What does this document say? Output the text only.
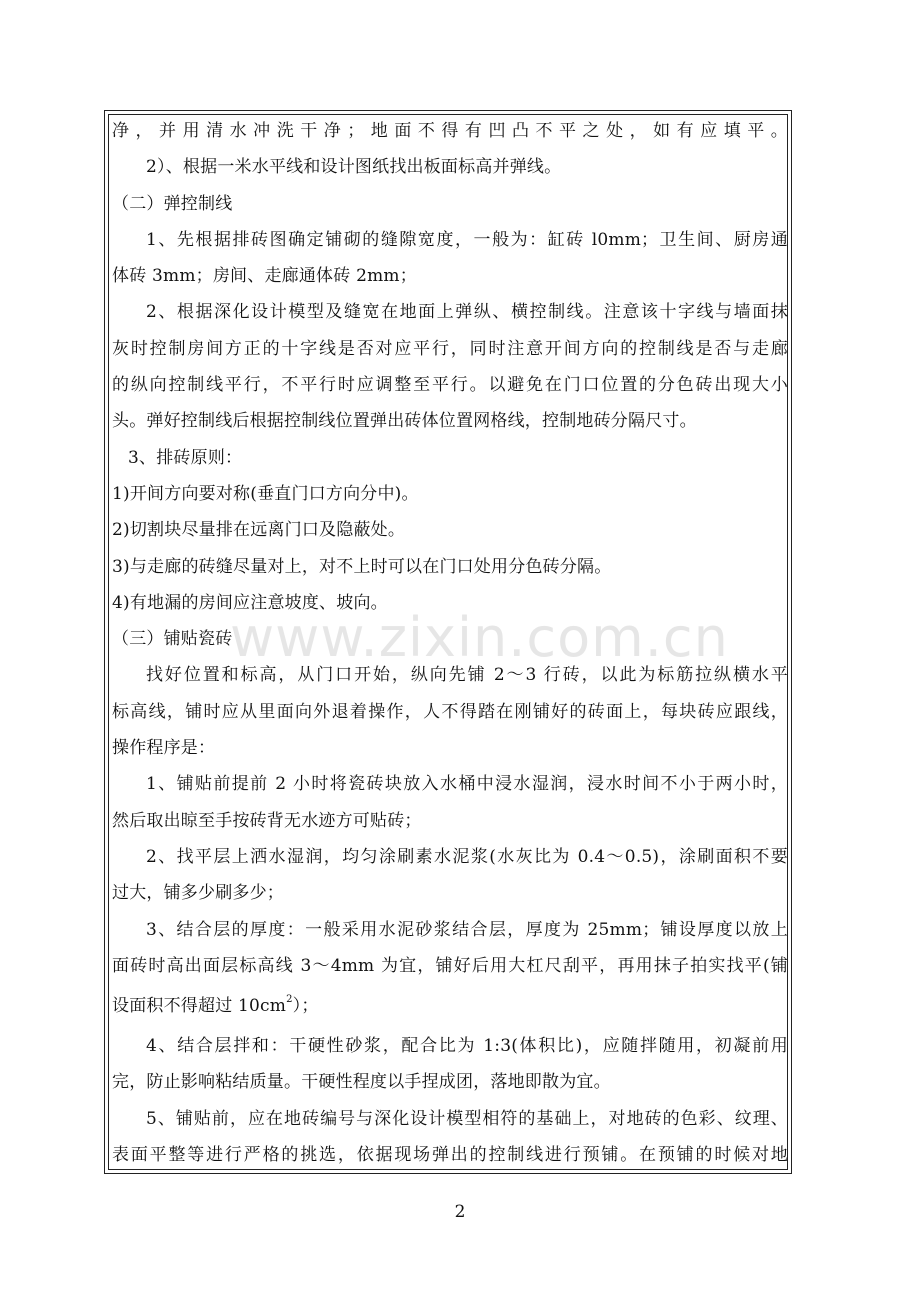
www.zixin.com.cn
净，并用清水冲洗干净；地面不得有凹凸不平之处，如有应填平。
2）、根据一米水平线和设计图纸找出板面标高并弹线。
（二）弹控制线
1、先根据排砖图确定铺砌的缝隙宽度，一般为：缸砖 l0mm；卫生间、厨房通
体砖 3mm；房间、走廊通体砖 2mm；
2、根据深化设计模型及缝宽在地面上弹纵、横控制线。注意该十字线与墙面抹
灰时控制房间方正的十字线是否对应平行，同时注意开间方向的控制线是否与走廊
的纵向控制线平行，不平行时应调整至平行。以避免在门口位置的分色砖出现大小
头。弹好控制线后根据控制线位置弹出砖体位置网格线，控制地砖分隔尺寸。
3、排砖原则：
1)开间方向要对称(垂直门口方向分中)。
2)切割块尽量排在远离门口及隐蔽处。
3)与走廊的砖缝尽量对上，对不上时可以在门口处用分色砖分隔。
4)有地漏的房间应注意坡度、坡向。
（三）铺贴瓷砖
找好位置和标高，从门口开始，纵向先铺 2～3 行砖，以此为标筋拉纵横水平
标高线，铺时应从里面向外退着操作，人不得踏在刚铺好的砖面上，每块砖应跟线，
操作程序是：
1、铺贴前提前 2 小时将瓷砖块放入水桶中浸水湿润，浸水时间不小于两小时，
然后取出晾至手按砖背无水迹方可贴砖；
2、找平层上洒水湿润，均匀涂刷素水泥浆(水灰比为 0.4～0.5)，涂刷面积不要
过大，铺多少刷多少；
3、结合层的厚度：一般采用水泥砂浆结合层，厚度为 25mm；铺设厚度以放上
面砖时高出面层标高线 3～4mm 为宜，铺好后用大杠尺刮平，再用抹子拍实找平(铺
设面积不得超过 $10cm^2$）；
4、结合层拌和：干硬性砂浆，配合比为 1:3(体积比)，应随拌随用，初凝前用
完，防止影响粘结质量。干硬性程度以手捏成团，落地即散为宜。
5、铺贴前，应在地砖编号与深化设计模型相符的基础上，对地砖的色彩、纹理、
表面平整等进行严格的挑选，依据现场弹出的控制线进行预铺。在预铺的时候对地
2
